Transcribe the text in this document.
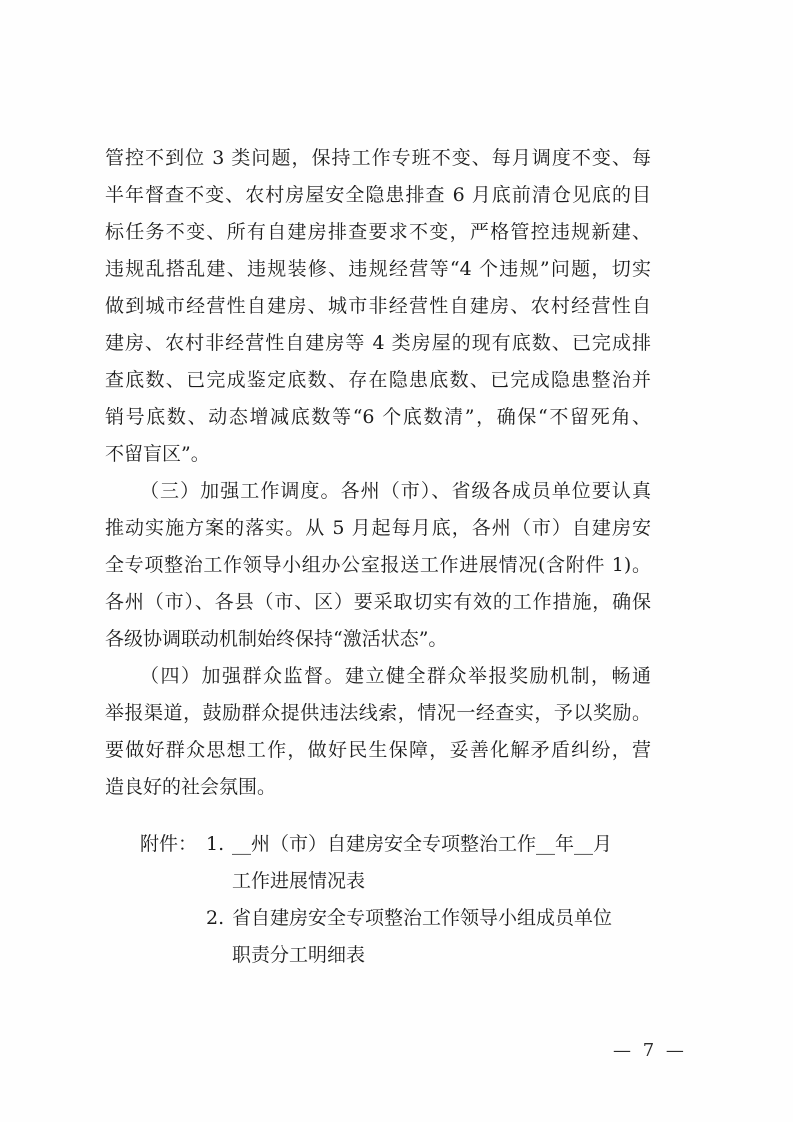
管控不到位 3 类问题，保持工作专班不变、每月调度不变、每
半年督查不变、农村房屋安全隐患排查 6 月底前清仓见底的目
标任务不变、所有自建房排查要求不变，严格管控违规新建、
违规乱搭乱建、违规装修、违规经营等“4 个违规”问题，切实
做到城市经营性自建房、城市非经营性自建房、农村经营性自
建房、农村非经营性自建房等 4 类房屋的现有底数、已完成排
查底数、已完成鉴定底数、存在隐患底数、已完成隐患整治并
销号底数、动态增减底数等“6 个底数清”，确保“不留死角、
不留盲区”。
（三）加强工作调度。各州（市）、省级各成员单位要认真
推动实施方案的落实。从 5 月起每月底，各州（市）自建房安
全专项整治工作领导小组办公室报送工作进展情况(含附件 1)。
各州（市）、各县（市、区）要采取切实有效的工作措施，确保
各级协调联动机制始终保持“激活状态”。
（四）加强群众监督。建立健全群众举报奖励机制，畅通
举报渠道，鼓励群众提供违法线索，情况一经查实，予以奖励。
要做好群众思想工作，做好民生保障，妥善化解矛盾纠纷，营
造良好的社会氛围。
附件： 1. __州（市）自建房安全专项整治工作__年__月
工作进展情况表
2. 省自建房安全专项整治工作领导小组成员单位
职责分工明细表
— 7 —
